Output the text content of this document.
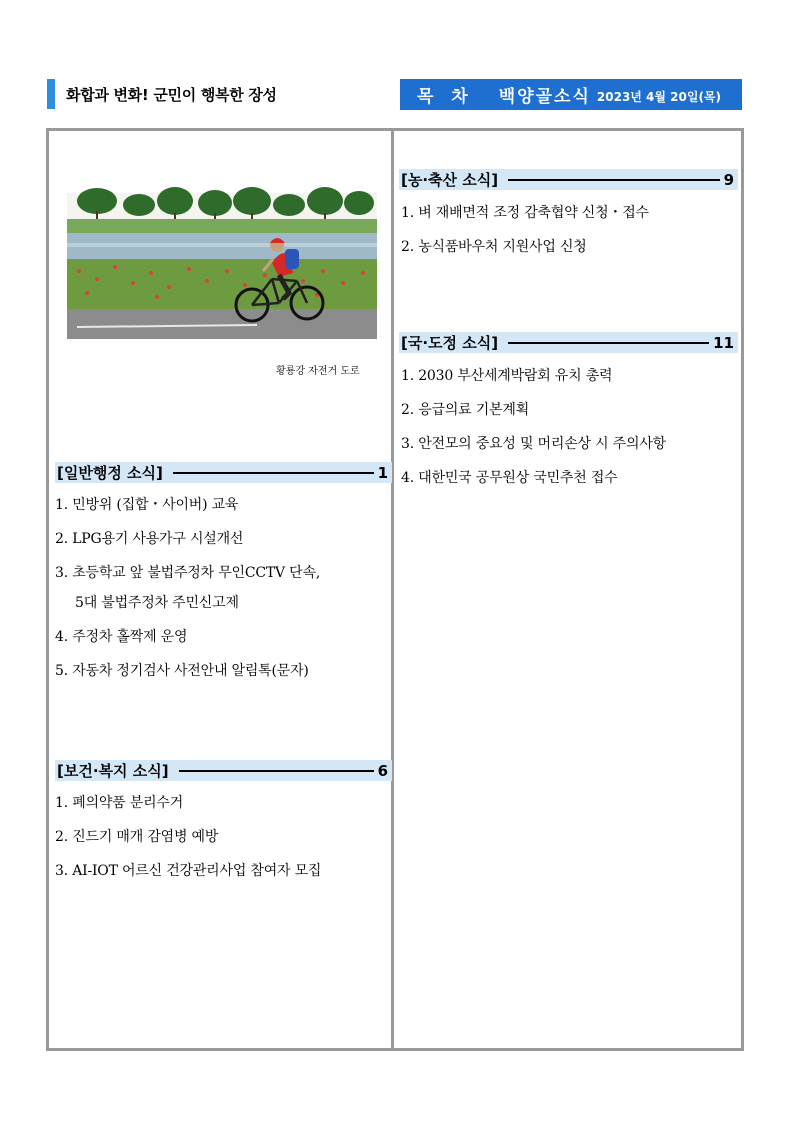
화합과 변화! 군민이 행복한 장성	목 차 백양골소식 2023년 4월 20일(목)
황룡강 자전거 도로
[일반행정 소식]	1
1. 민방위 (집합・사이버) 교육
2. LPG용기 사용가구 시설개선
3. 초등학교 앞 불법주정차 무인CCTV 단속,
5대 불법주정차 주민신고제
4. 주정차 홀짝제 운영
5. 자동차 정기검사 사전안내 알림톡(문자)
[보건·복지 소식]	6
1. 폐의약품 분리수거
2. 진드기 매개 감염병 예방
3. AI-IOT 어르신 건강관리사업 참여자 모집
[농·축산 소식]	9
1. 벼 재배면적 조정 감축협약 신청・접수
2. 농식품바우처 지원사업 신청
[국·도정 소식]	11
1. 2030 부산세계박람회 유치 총력
2. 응급의료 기본계획
3. 안전모의 중요성 및 머리손상 시 주의사항
4. 대한민국 공무원상 국민추천 접수
